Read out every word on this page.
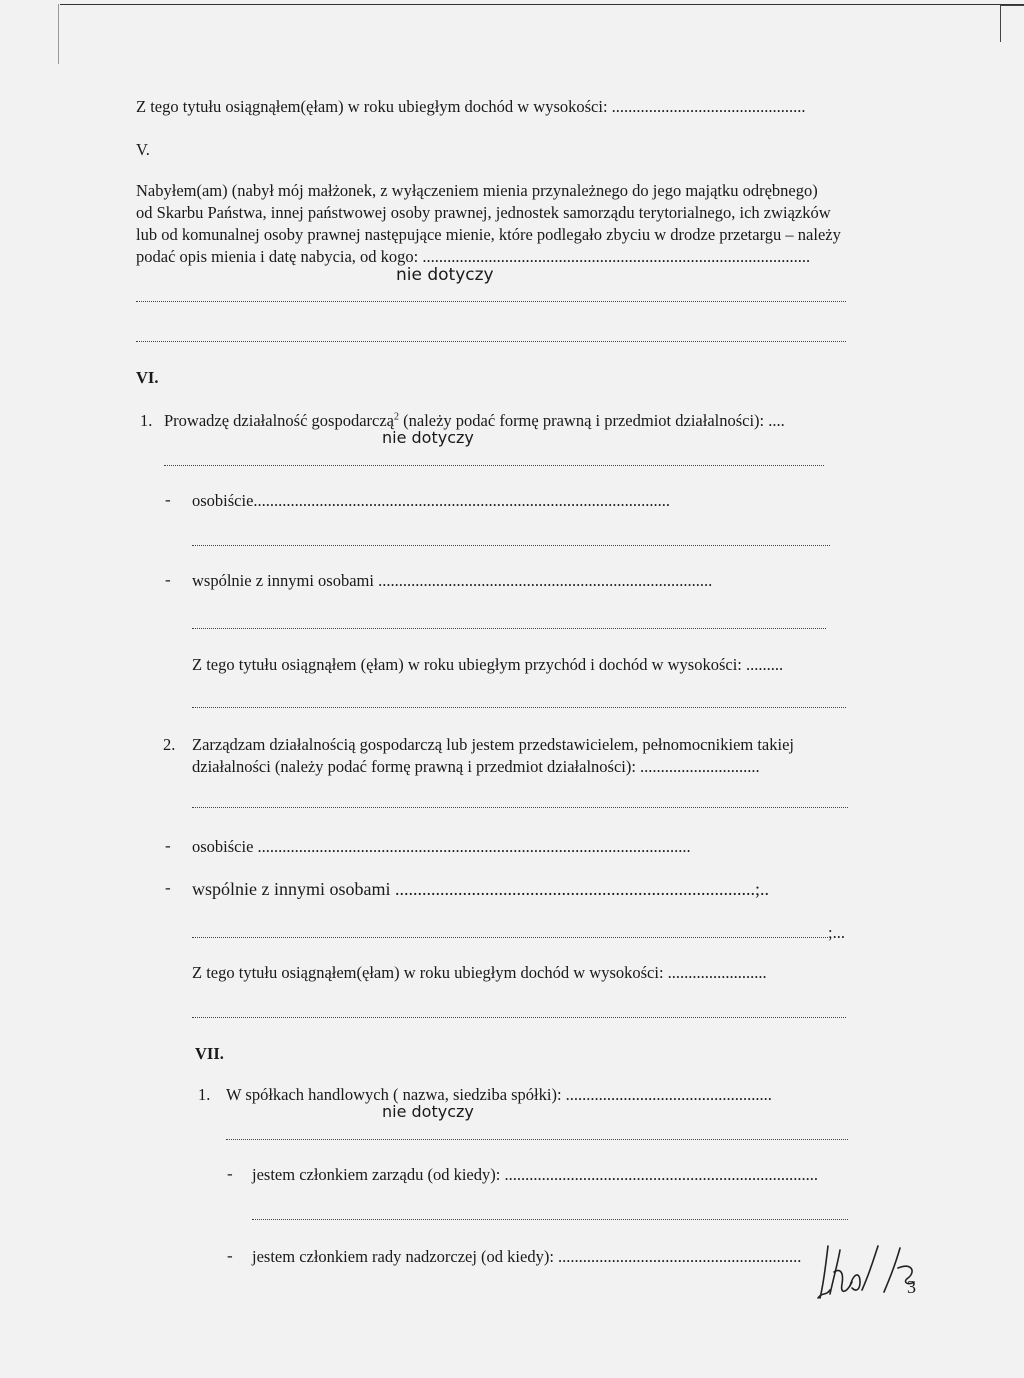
Z tego tytułu osiągnąłem(ęłam) w roku ubiegłym dochód w wysokości: ...............................................
V.
Nabyłem(am) (nabył mój małżonek, z wyłączeniem mienia przynależnego do jego majątku odrębnego)
od Skarbu Państwa, innej państwowej osoby prawnej, jednostek samorządu terytorialnego, ich związków
lub od komunalnej osoby prawnej następujące mienie, które podlegało zbyciu w drodze przetargu – należy
podać opis mienia i datę nabycia, od kogo: ..............................................................................................
nie dotyczy
VI.
1. Prowadzę działalność gospodarczą$^2$ (należy podać formę prawną i przedmiot działalności): ....
nie dotyczy
- osobiście.....................................................................................................
- wspólnie z innymi osobami .................................................................................
Z tego tytułu osiągnąłem (ęłam) w roku ubiegłym przychód i dochód w wysokości: .........
2. Zarządzam działalnością gospodarczą lub jestem przedstawicielem, pełnomocnikiem takiej
działalności (należy podać formę prawną i przedmiot działalności): .............................
- osobiście .........................................................................................................
- wspólnie z innymi osobami ................................................................................;..
;...
Z tego tytułu osiągnąłem(ęłam) w roku ubiegłym dochód w wysokości: ........................
VII.
1. W spółkach handlowych ( nazwa, siedziba spółki): ..................................................
nie dotyczy
- jestem członkiem zarządu (od kiedy): ............................................................................
- jestem członkiem rady nadzorczej (od kiedy): ...........................................................
3
